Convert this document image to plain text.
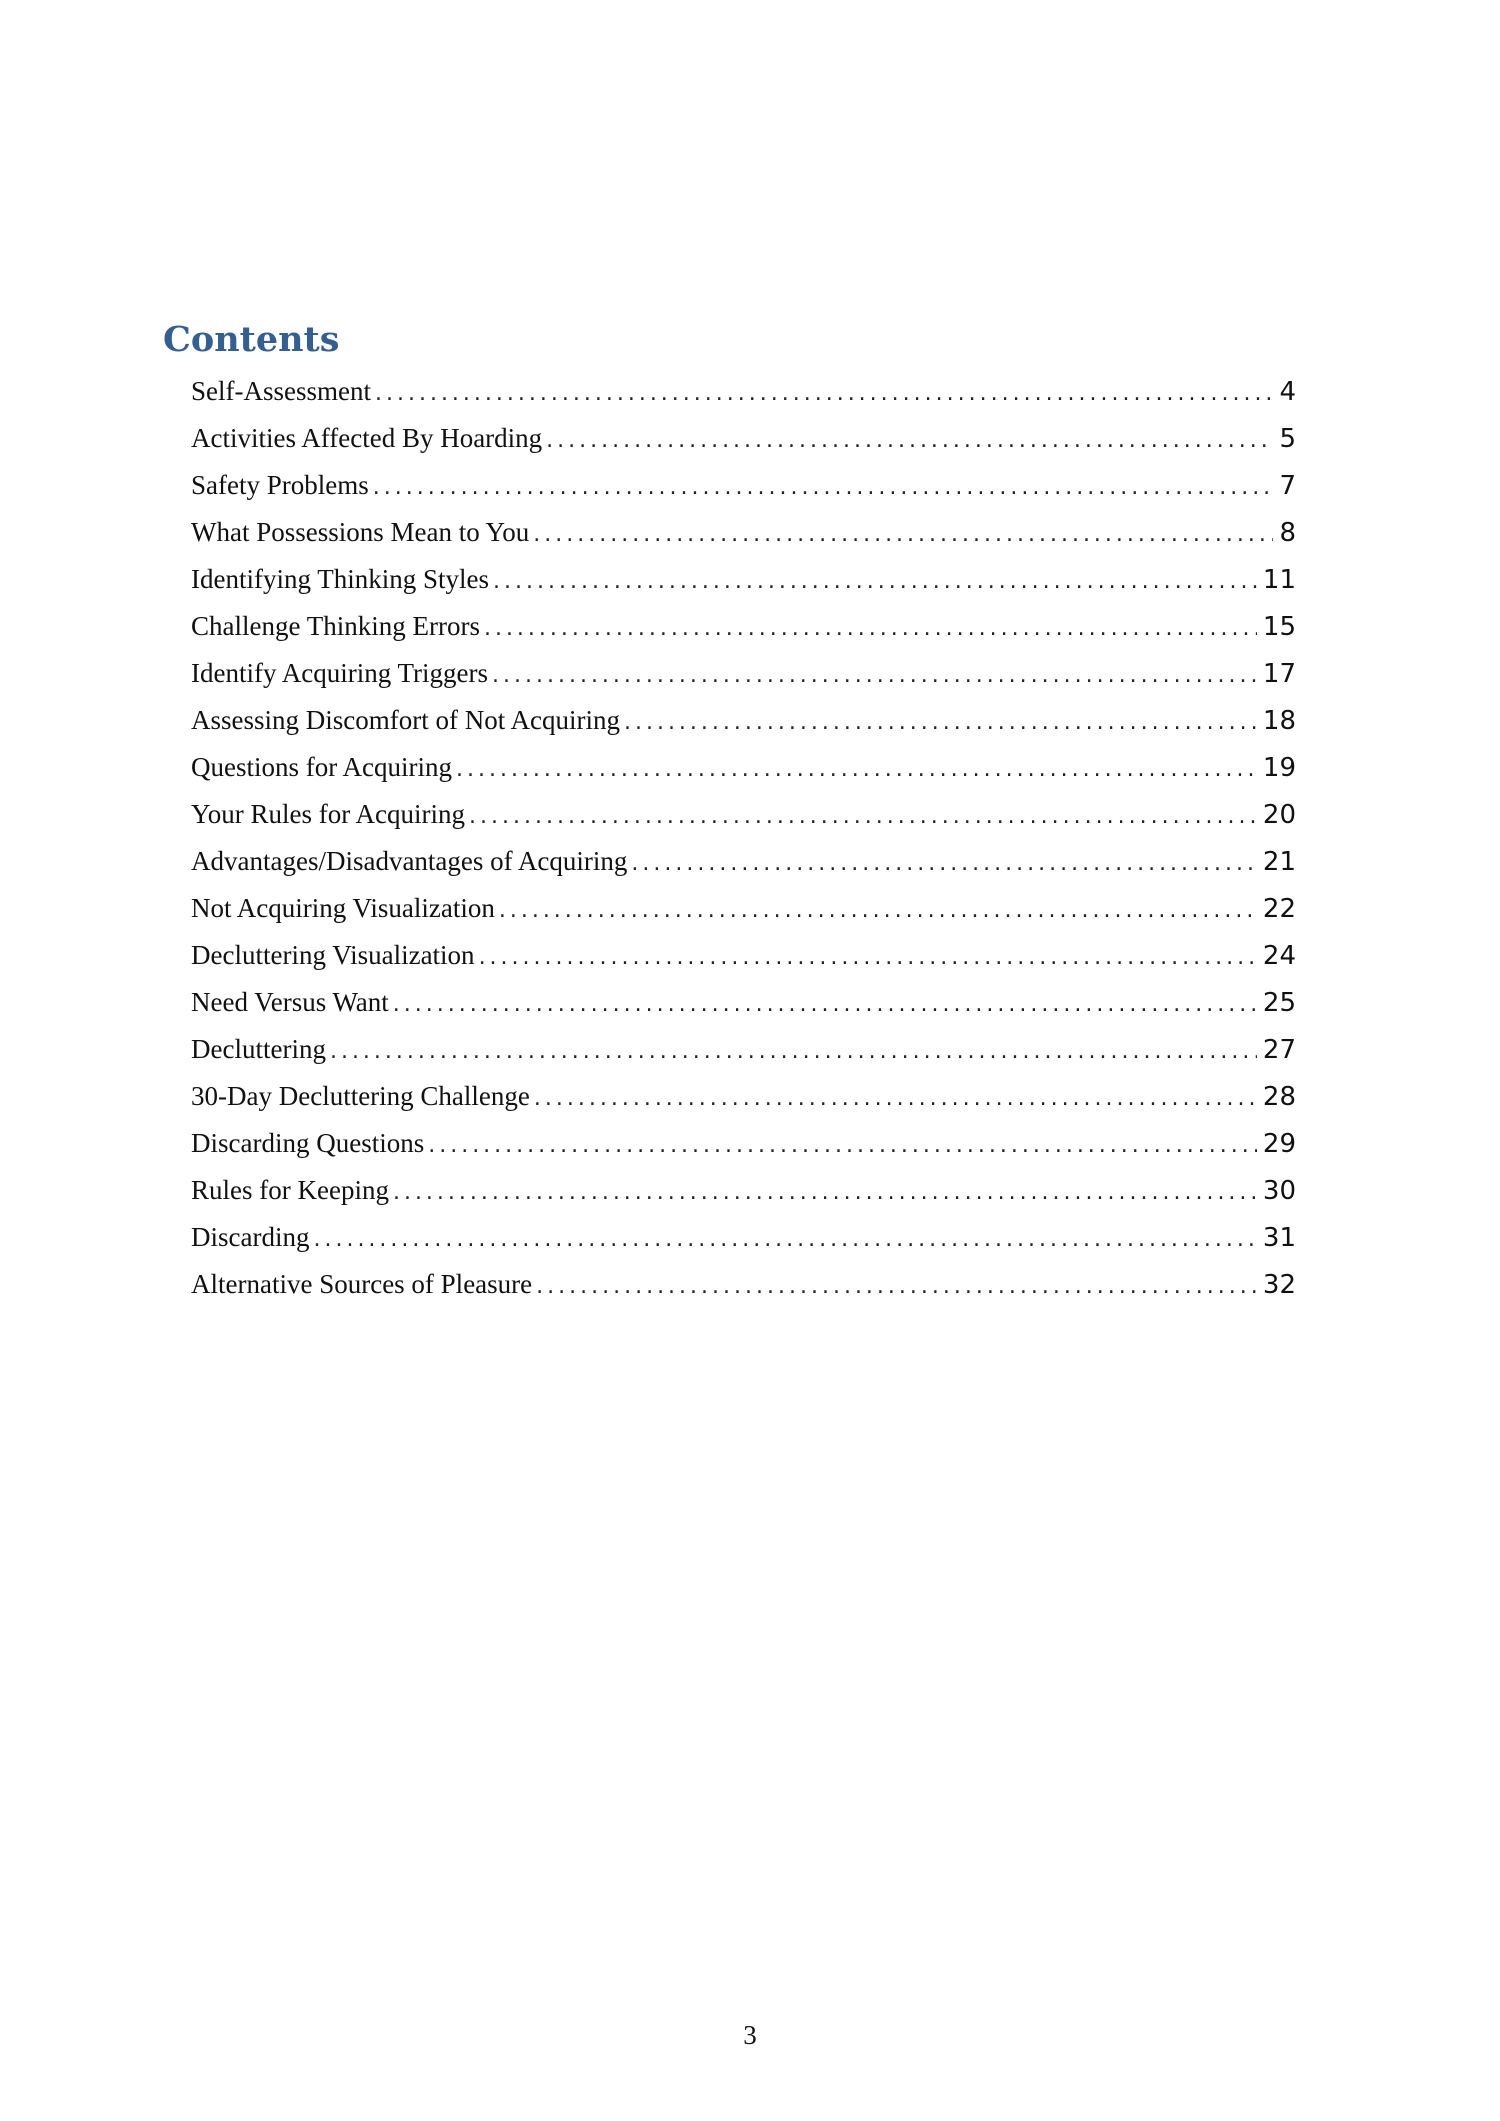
Contents
Self-Assessment .....	4
Activities Affected By Hoarding .....	5
Safety Problems .....	7
What Possessions Mean to You .....	8
Identifying Thinking Styles .....	11
Challenge Thinking Errors .....	15
Identify Acquiring Triggers .....	17
Assessing Discomfort of Not Acquiring .....	18
Questions for Acquiring .....	19
Your Rules for Acquiring .....	20
Advantages/Disadvantages of Acquiring .....	21
Not Acquiring Visualization .....	22
Decluttering Visualization .....	24
Need Versus Want .....	25
Decluttering .....	27
30-Day Decluttering Challenge .....	28
Discarding Questions .....	29
Rules for Keeping .....	30
Discarding .....	31
Alternative Sources of Pleasure .....	32
3
